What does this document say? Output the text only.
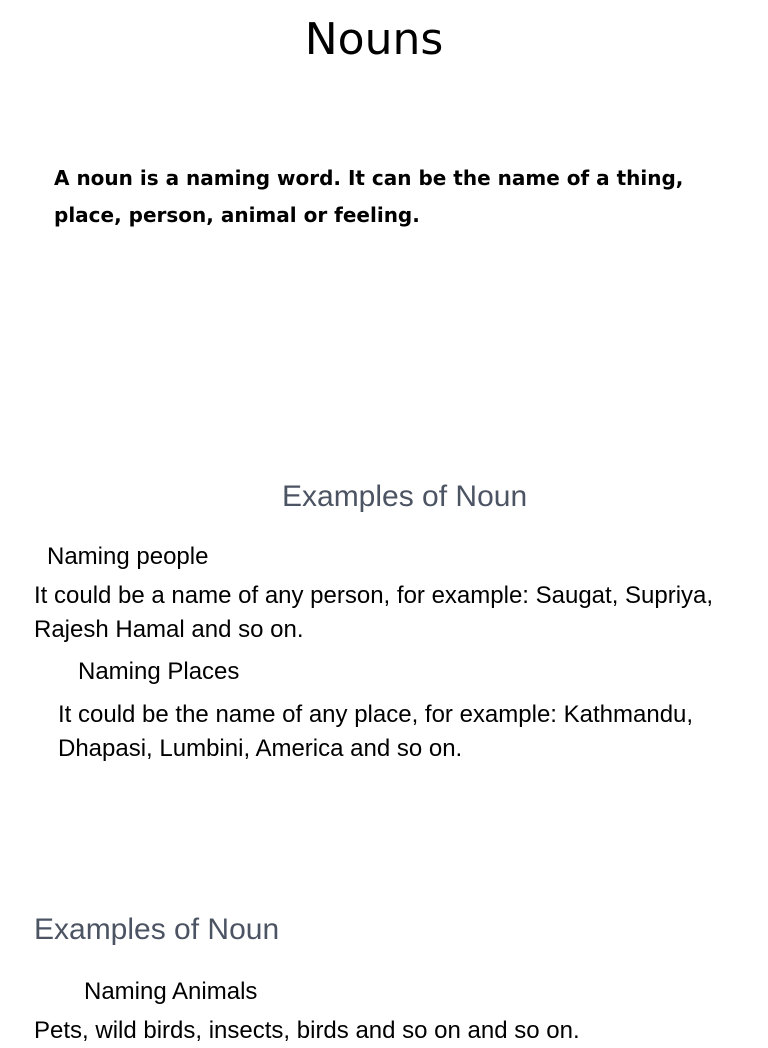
Nouns

A noun is a naming word. It can be the name of a thing, place, person, animal or feeling.

Examples of Noun
Naming people

It could be a name of any person, for example: Saugat, Supriya, Rajesh Hamal and so on.

Naming Places

It could be the name of any place, for example: Kathmandu, Dhapasi, Lumbini, America and so on.

Examples of Noun
Naming Animals

Pets, wild birds, insects, birds and so on and so on.
